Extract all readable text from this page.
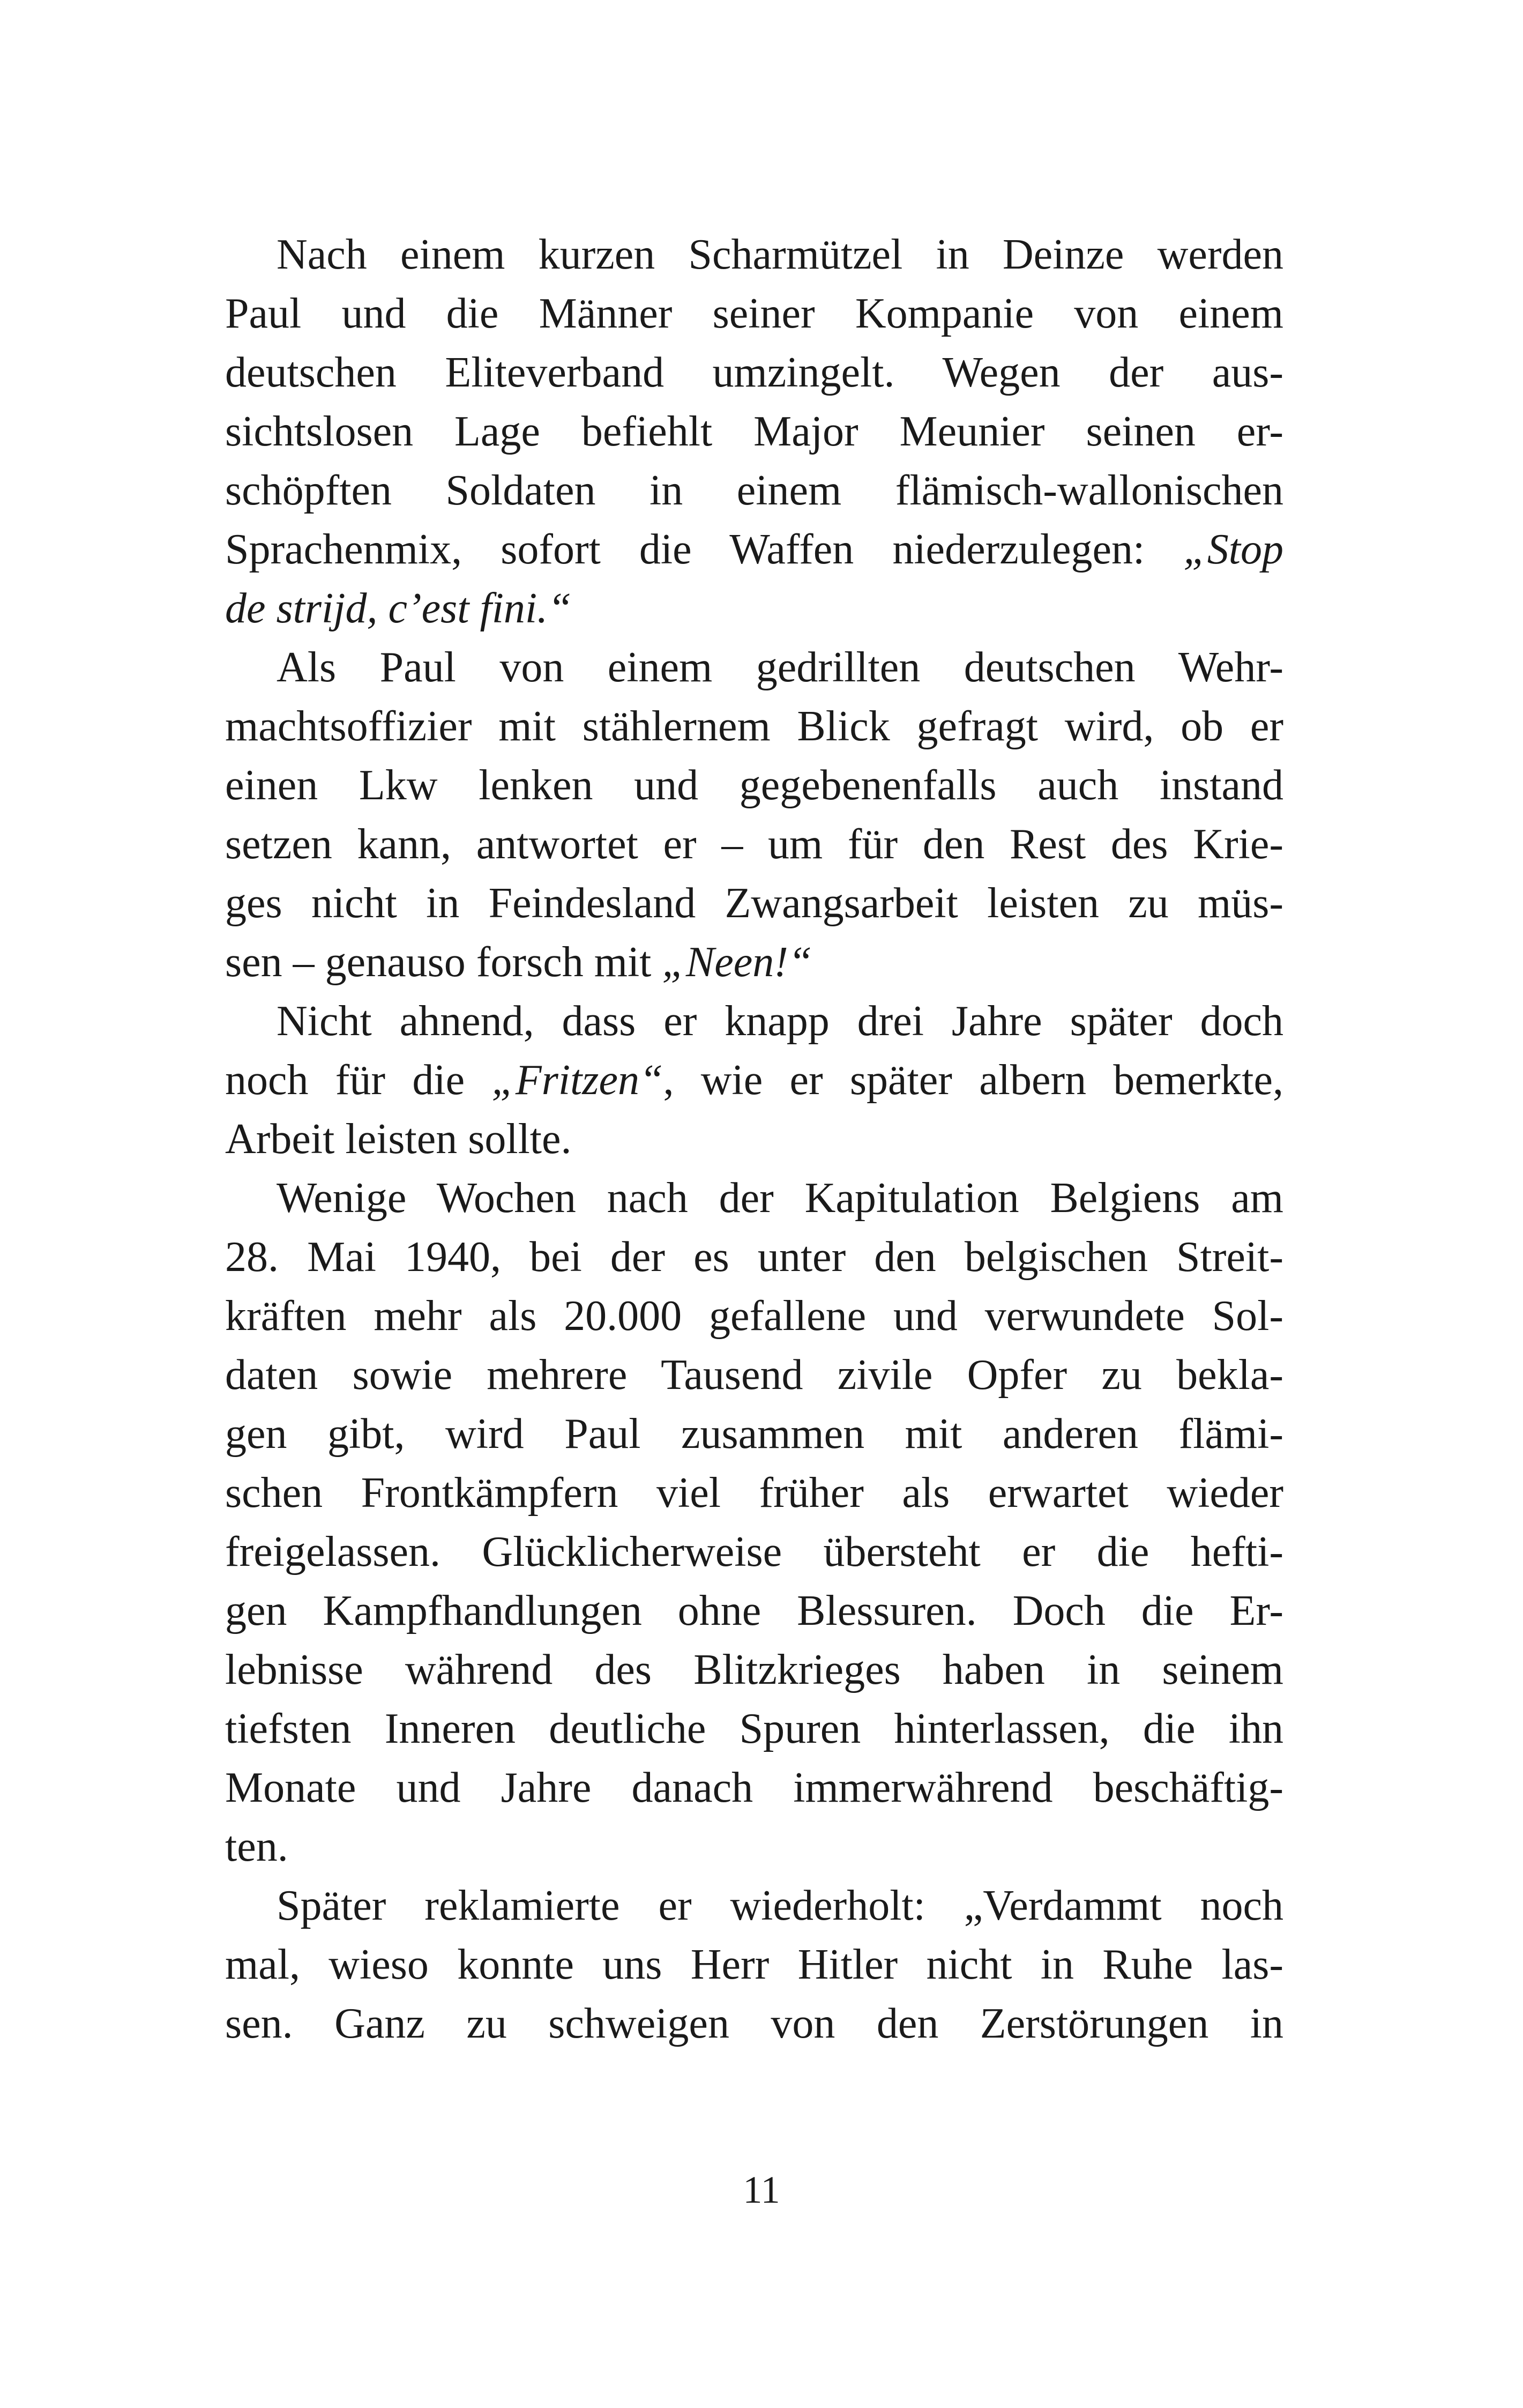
Nach einem kurzen Scharmützel in Deinze werden
Paul und die Männer seiner Kompanie von einem
deutschen Eliteverband umzingelt. Wegen der aus-
sichtslosen Lage befiehlt Major Meunier seinen er-
schöpften Soldaten in einem flämisch-wallonischen
Sprachenmix, sofort die Waffen niederzulegen: „Stop
de strijd, c’est fini.“
Als Paul von einem gedrillten deutschen Wehr-
machtsoffizier mit stählernem Blick gefragt wird, ob er
einen Lkw lenken und gegebenenfalls auch instand
setzen kann, antwortet er – um für den Rest des Krie-
ges nicht in Feindesland Zwangsarbeit leisten zu müs-
sen – genauso forsch mit „Neen!“
Nicht ahnend, dass er knapp drei Jahre später doch
noch für die „Fritzen“, wie er später albern bemerkte,
Arbeit leisten sollte.
Wenige Wochen nach der Kapitulation Belgiens am
28. Mai 1940, bei der es unter den belgischen Streit-
kräften mehr als 20.000 gefallene und verwundete Sol-
daten sowie mehrere Tausend zivile Opfer zu bekla-
gen gibt, wird Paul zusammen mit anderen flämi-
schen Frontkämpfern viel früher als erwartet wieder
freigelassen. Glücklicherweise übersteht er die hefti-
gen Kampfhandlungen ohne Blessuren. Doch die Er-
lebnisse während des Blitzkrieges haben in seinem
tiefsten Inneren deutliche Spuren hinterlassen, die ihn
Monate und Jahre danach immerwährend beschäftig-
ten.
Später reklamierte er wiederholt: „Verdammt noch
mal, wieso konnte uns Herr Hitler nicht in Ruhe las-
sen. Ganz zu schweigen von den Zerstörungen in
11
